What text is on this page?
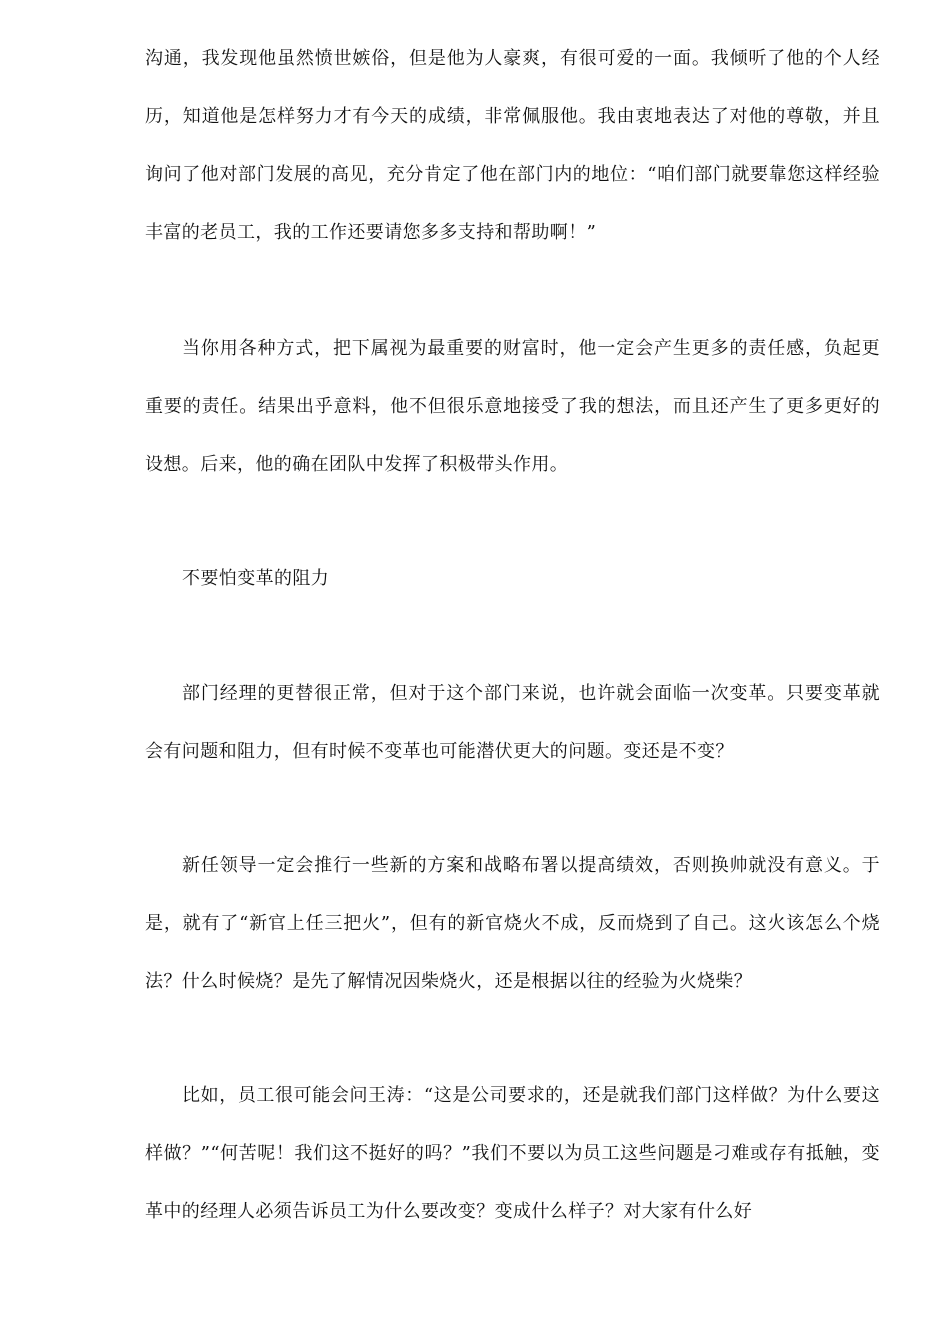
沟通，我发现他虽然愤世嫉俗，但是他为人豪爽，有很可爱的一面。我倾听了他的个人经历，知道他是怎样努力才有今天的成绩，非常佩服他。我由衷地表达了对他的尊敬，并且询问了他对部门发展的高见，充分肯定了他在部门内的地位：“咱们部门就要靠您这样经验丰富的老员工，我的工作还要请您多多支持和帮助啊！”

当你用各种方式，把下属视为最重要的财富时，他一定会产生更多的责任感，负起更重要的责任。结果出乎意料，他不但很乐意地接受了我的想法，而且还产生了更多更好的设想。后来，他的确在团队中发挥了积极带头作用。

不要怕变革的阻力

部门经理的更替很正常，但对于这个部门来说，也许就会面临一次变革。只要变革就会有问题和阻力，但有时候不变革也可能潜伏更大的问题。变还是不变？

新任领导一定会推行一些新的方案和战略布署以提高绩效，否则换帅就没有意义。于是，就有了“新官上任三把火”，但有的新官烧火不成，反而烧到了自己。这火该怎么个烧法？什么时候烧？是先了解情况因柴烧火，还是根据以往的经验为火烧柴？

比如，员工很可能会问王涛：“这是公司要求的，还是就我们部门这样做？为什么要这样做？”“何苦呢！我们这不挺好的吗？”我们不要以为员工这些问题是刁难或存有抵触，变革中的经理人必须告诉员工为什么要改变？变成什么样子？对大家有什么好
